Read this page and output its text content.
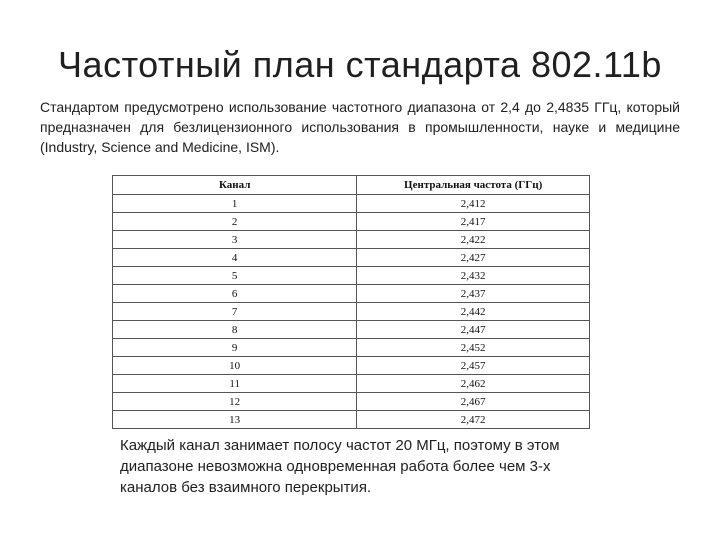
Частотный план стандарта 802.11b
Стандартом предусмотрено использование частотного диапазона от 2,4 до 2,4835 ГГц, который предназначен для безлицензионного использования в промышленности, науке и медицине (Industry, Science and Medicine, ISM).
Канал	Центральная частота (ГГц)
1	2,412
2	2,417
3	2,422
4	2,427
5	2,432
6	2,437
7	2,442
8	2,447
9	2,452
10	2,457
11	2,462
12	2,467
13	2,472
Каждый канал занимает полосу частот 20 МГц, поэтому в этом диапазоне невозможна одновременная работа более чем 3-х каналов без взаимного перекрытия.
